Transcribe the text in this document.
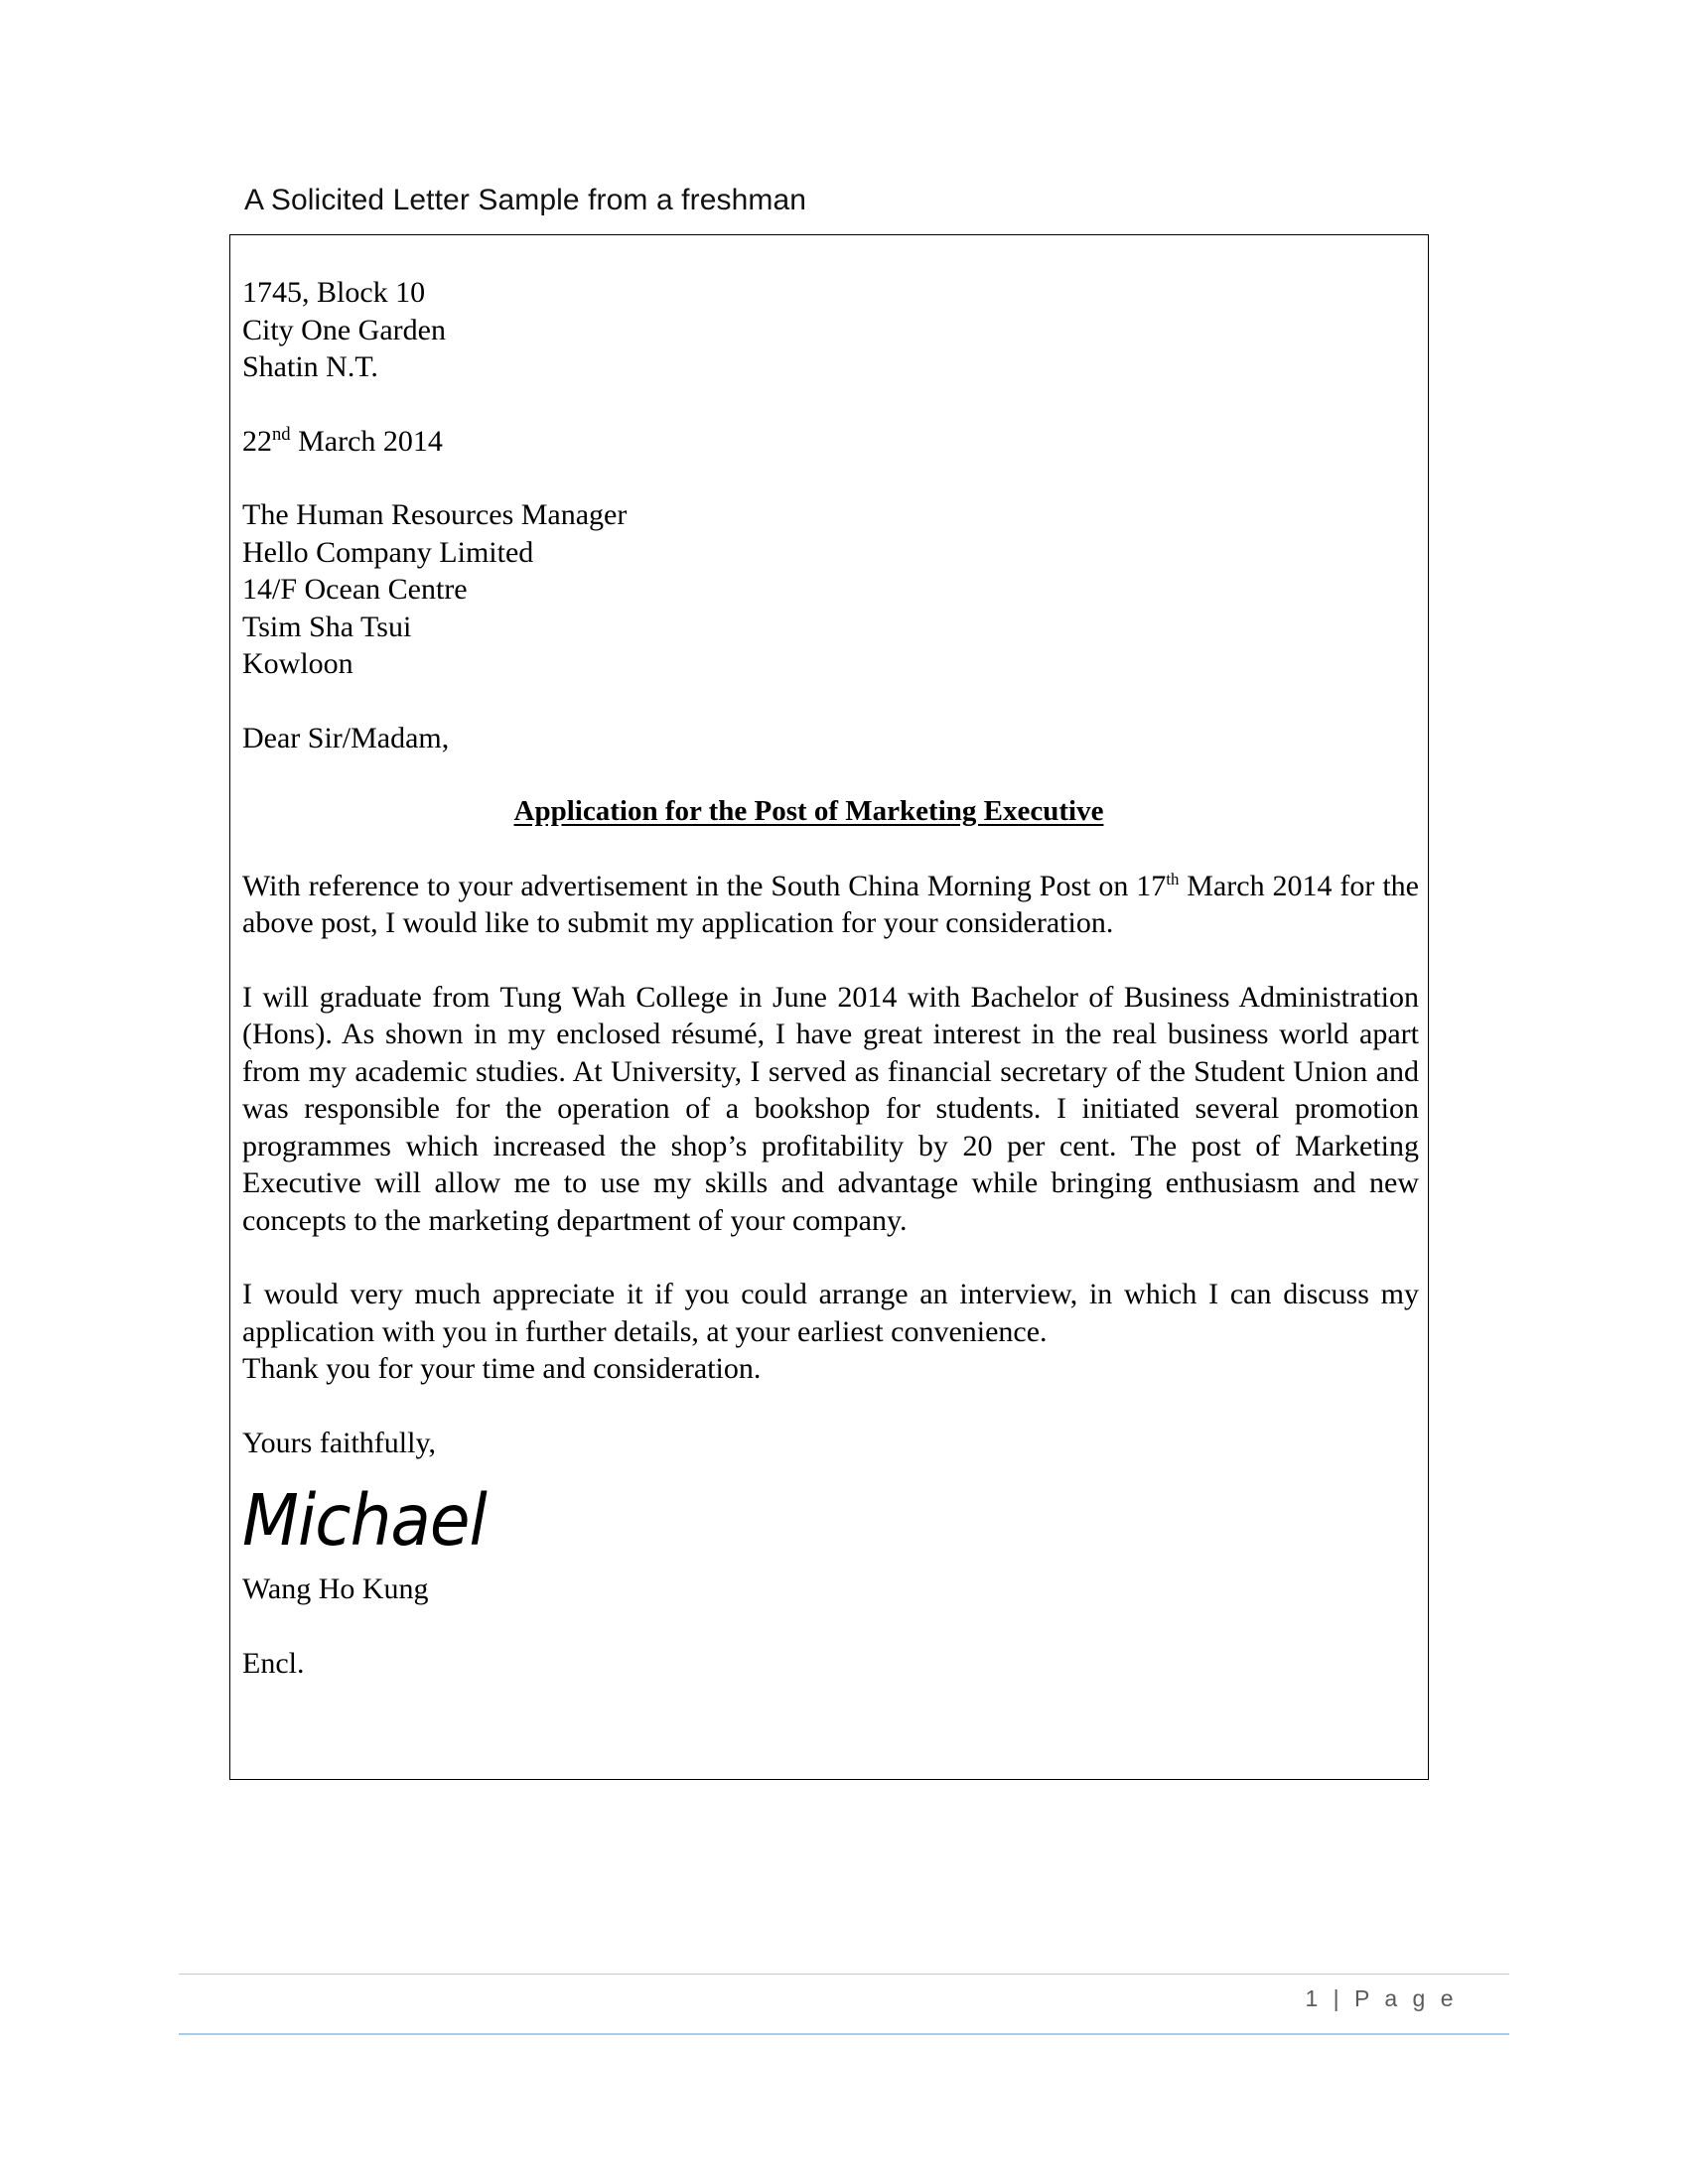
A Solicited Letter Sample from a freshman
1745, Block 10
City One Garden
Shatin N.T.
22nd March 2014
The Human Resources Manager
Hello Company Limited
14/F Ocean Centre
Tsim Sha Tsui
Kowloon
Dear Sir/Madam,
Application for the Post of Marketing Executive
With reference to your advertisement in the South China Morning Post on 17th March 2014 for the above post, I would like to submit my application for your consideration.
I will graduate from Tung Wah College in June 2014 with Bachelor of Business Administration (Hons). As shown in my enclosed résumé, I have great interest in the real business world apart from my academic studies. At University, I served as financial secretary of the Student Union and was responsible for the operation of a bookshop for students. I initiated several promotion programmes which increased the shop’s profitability by 20 per cent. The post of Marketing Executive will allow me to use my skills and advantage while bringing enthusiasm and new concepts to the marketing department of your company.
I would very much appreciate it if you could arrange an interview, in which I can discuss my application with you in further details, at your earliest convenience.
Thank you for your time and consideration.
Yours faithfully,
Michael
Wang Ho Kung
Encl.
1 | P a g e
